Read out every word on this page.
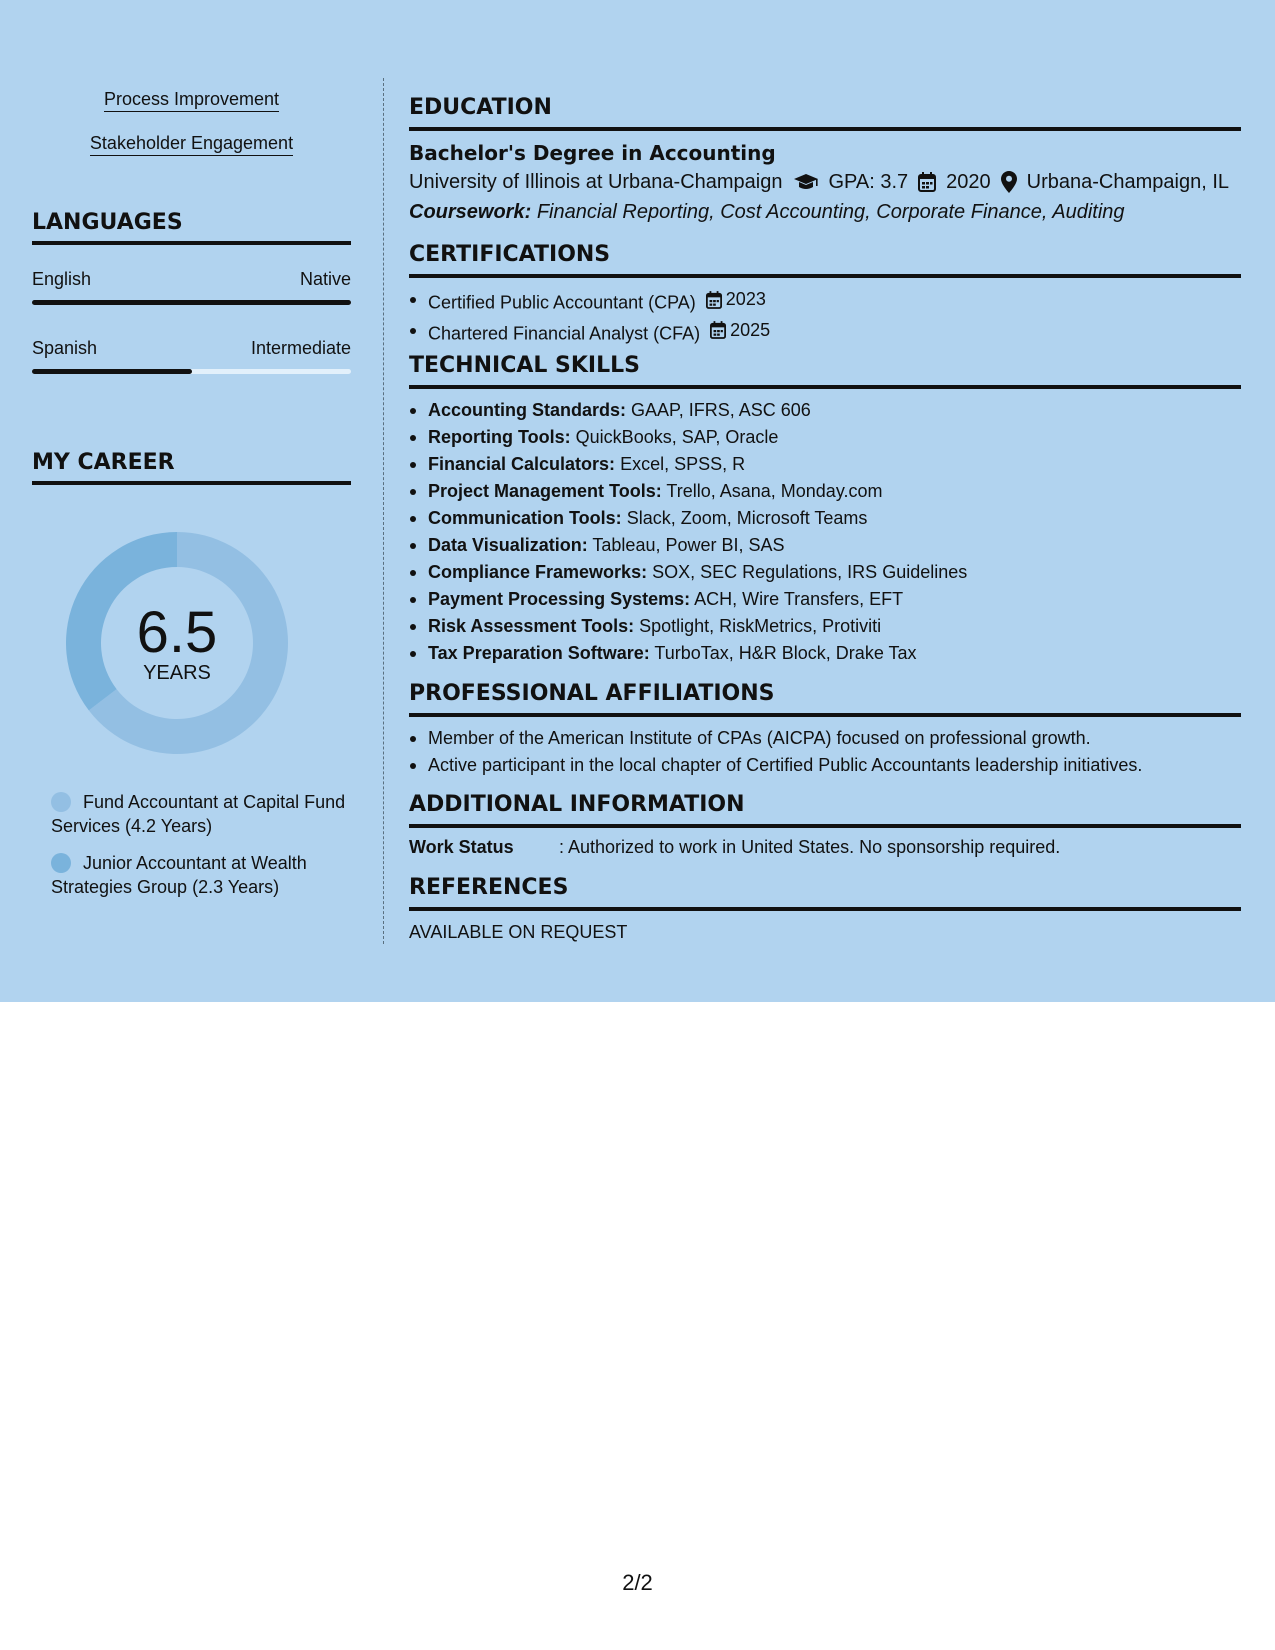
Process Improvement
Stakeholder Engagement
LANGUAGES
English	Native
Spanish	Intermediate
MY CAREER
6.5
YEARS
Fund Accountant at Capital Fund Services (4.2 Years)
Junior Accountant at Wealth Strategies Group (2.3 Years)
EDUCATION
Bachelor's Degree in Accounting
University of Illinois at Urbana-Champaign GPA: 3.7 2020 Urbana-Champaign, IL
Coursework: Financial Reporting, Cost Accounting, Corporate Finance, Auditing
CERTIFICATIONS
Certified Public Accountant (CPA) 2023
Chartered Financial Analyst (CFA) 2025
TECHNICAL SKILLS
Accounting Standards: GAAP, IFRS, ASC 606
Reporting Tools: QuickBooks, SAP, Oracle
Financial Calculators: Excel, SPSS, R
Project Management Tools: Trello, Asana, Monday.com
Communication Tools: Slack, Zoom, Microsoft Teams
Data Visualization: Tableau, Power BI, SAS
Compliance Frameworks: SOX, SEC Regulations, IRS Guidelines
Payment Processing Systems: ACH, Wire Transfers, EFT
Risk Assessment Tools: Spotlight, RiskMetrics, Protiviti
Tax Preparation Software: TurboTax, H&R Block, Drake Tax
PROFESSIONAL AFFILIATIONS
Member of the American Institute of CPAs (AICPA) focused on professional growth.
Active participant in the local chapter of Certified Public Accountants leadership initiatives.
ADDITIONAL INFORMATION
Work Status	: Authorized to work in United States. No sponsorship required.
REFERENCES
AVAILABLE ON REQUEST
2/2
